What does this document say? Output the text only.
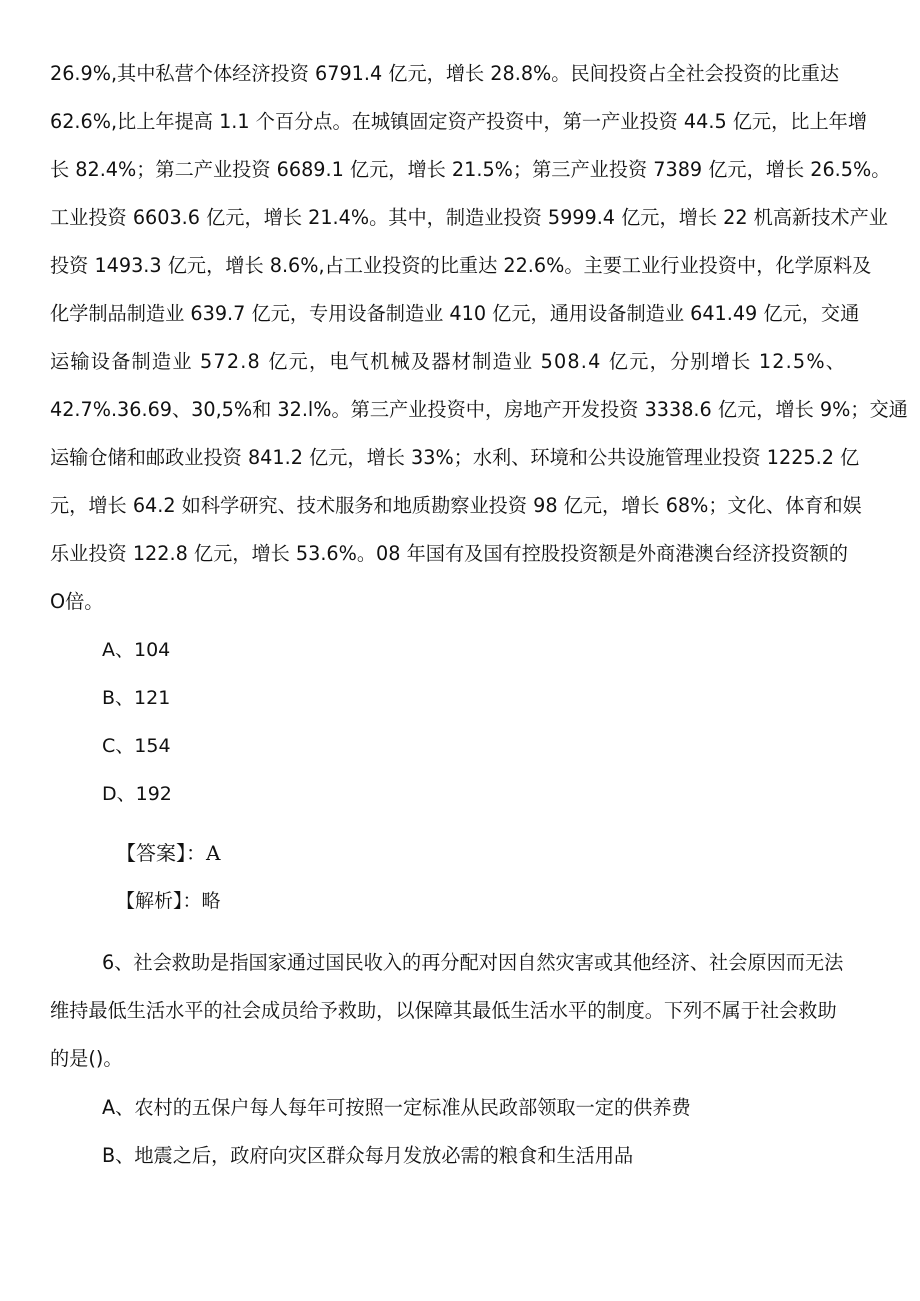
26.9%,其中私营个体经济投资 6791.4 亿元，增长 28.8%。民间投资占全社会投资的比重达
62.6%,比上年提高 1.1 个百分点。在城镇固定资产投资中，第一产业投资 44.5 亿元，比上年增
长 82.4%；第二产业投资 6689.1 亿元，增长 21.5%；第三产业投资 7389 亿元，增长 26.5%。
工业投资 6603.6 亿元，增长 21.4%。其中，制造业投资 5999.4 亿元，增长 22 机高新技术产业
投资 1493.3 亿元，增长 8.6%,占工业投资的比重达 22.6%。主要工业行业投资中，化学原料及
化学制品制造业 639.7 亿元，专用设备制造业 410 亿元，通用设备制造业 641.49 亿元，交通
运输设备制造业 572.8 亿元，电气机械及器材制造业 508.4 亿元，分别增长 12.5%、
42.7%.36.69、30,5%和 32.l%。第三产业投资中，房地产开发投资 3338.6 亿元，增长 9%；交通
运输仓储和邮政业投资 841.2 亿元，增长 33%；水利、环境和公共设施管理业投资 1225.2 亿
元，增长 64.2 如科学研究、技术服务和地质勘察业投资 98 亿元，增长 68%；文化、体育和娱
乐业投资 122.8 亿元，增长 53.6%。08 年国有及国有控股投资额是外商港澳台经济投资额的
O倍。
A、104
B、121
C、154
D、192
【答案】：A
【解析】：略
6、社会救助是指国家通过国民收入的再分配对因自然灾害或其他经济、社会原因而无法
维持最低生活水平的社会成员给予救助，以保障其最低生活水平的制度。下列不属于社会救助
的是()。
A、农村的五保户每人每年可按照一定标准从民政部领取一定的供养费
B、地震之后，政府向灾区群众每月发放必需的粮食和生活用品
